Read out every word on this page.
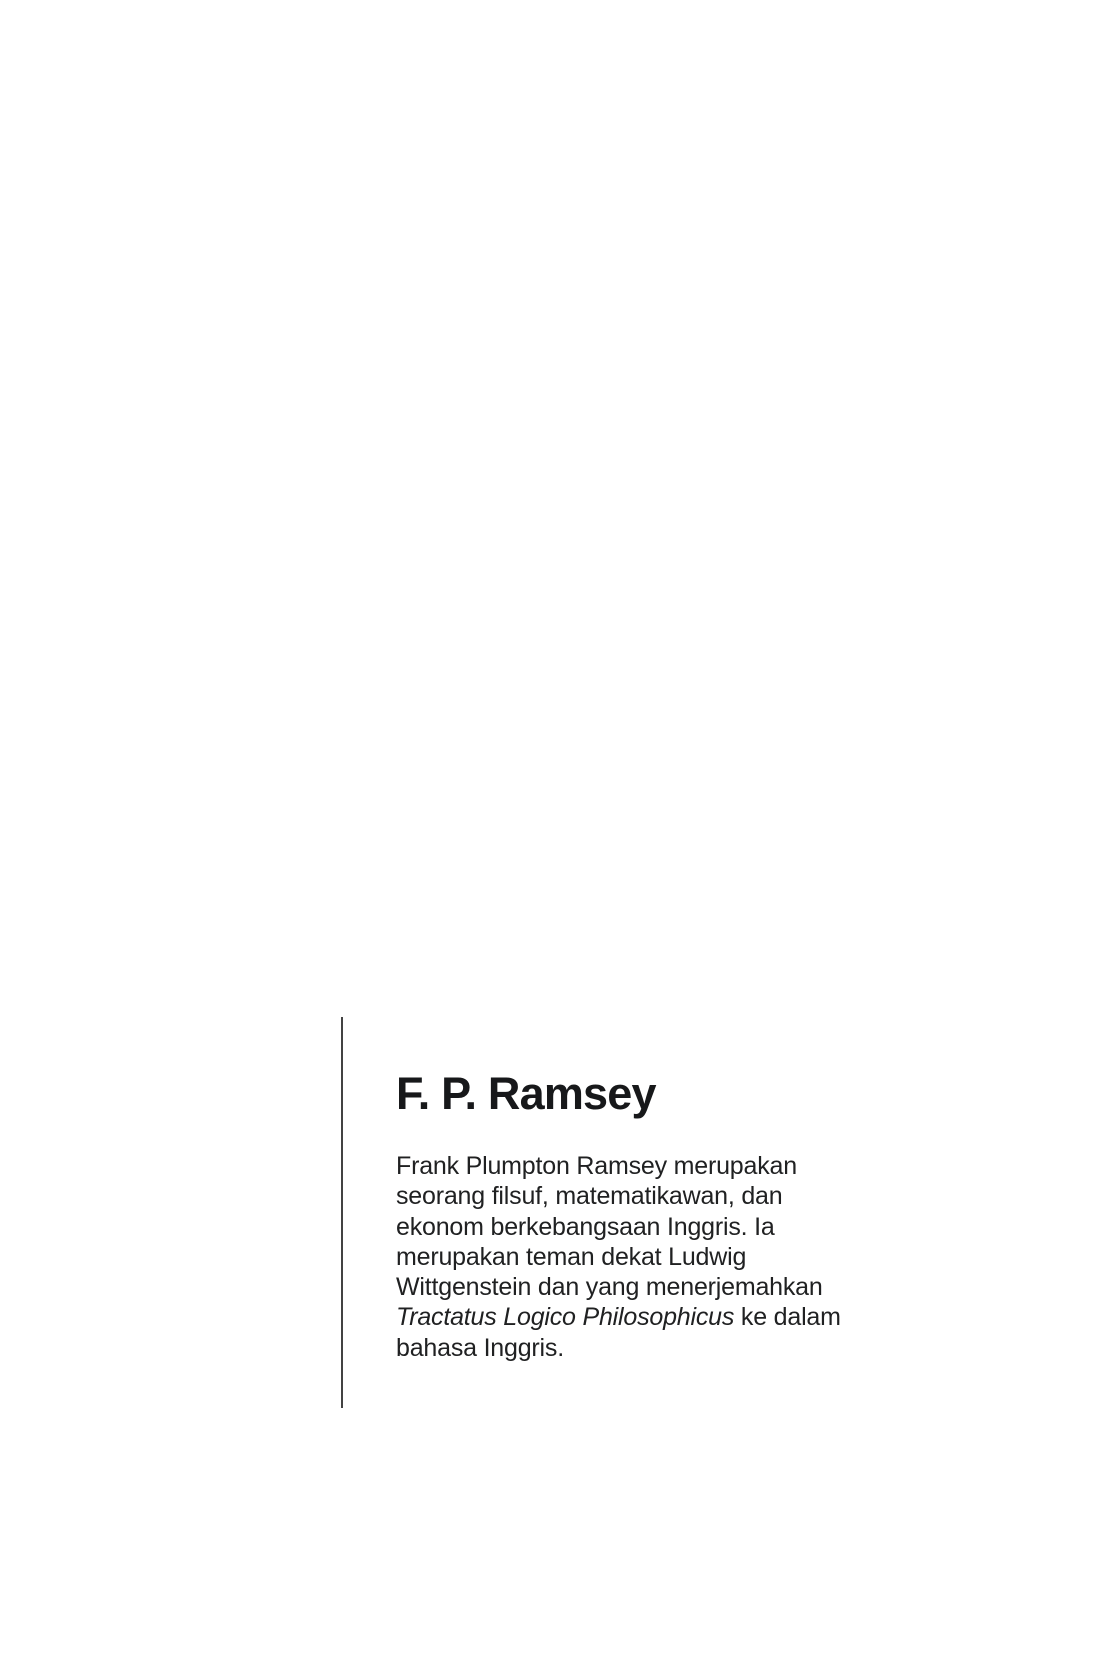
F. P. Ramsey
Frank Plumpton Ramsey merupakan
seorang filsuf, matematikawan, dan
ekonom berkebangsaan Inggris. Ia
merupakan teman dekat Ludwig
Wittgenstein dan yang menerjemahkan
Tractatus Logico Philosophicus ke dalam
bahasa Inggris.
